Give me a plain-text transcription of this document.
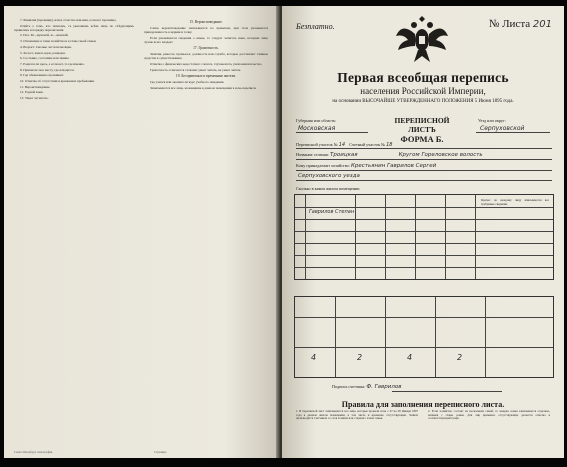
7. Фамилия (прозвище), или и отчество или имя, если нет прозвища.

Отвѣтъ о томъ, кто записанъ, съ указаніемъ всѣхъ лицъ по слѣдующимъ правиламъ и порядку перечисленія.

2. Пол. М—мужской, ж—женскій.

3. Отношение к главе хозяйства и к главе своей семьи.

4. Возраст. Сколько лет или месяцев.

5. Холост, женат, вдов, разведен.

6. Сословие, состояние или звание.

7. Родился ли здесь, а если нет, то где именно.

8. Приписан ли к месту, где находится.

9. Где обыкновенно проживает.

10. Отметка об отсутствии и временном пребывании.

11. Вероисповедание.

12. Родной язык.

13. Умеет ли читать.

15. Вероисповедание.

Самое вероисповедание записывается по правилам, при этом указывается принадлежность к церкви и толку.

Если указываются сведения о языке, то следует записать язык, которым лицо лучше всего владеет.

17. Грамотность.

Занятия, ремесла, промысел, должность или служба, которые доставляют главные средства к существованию.

Отметка о физических недостатках: слепота, глухонемота, умопомешательство.

Грамотность отмечается словами: умеет читать, не умеет читать.

19. Бесприютные и временные жители.

Где учился или окончил ли курс учебного заведения.

Записываются все лица, ночевавшие в данном помещении в ночь переписи.

Санкт-Петербург, типография.	Страница
Безплатно.	№ Листа 201
Первая всеобщая перепись
населения Российской Империи,
на основании ВЫСОЧАЙШЕ УТВЕРЖДЕННАГО ПОЛОЖЕНИЯ 5 Июня 1895 года.
Губерния или область:
Московская
ПЕРЕПИСНОЙ ЛИСТЪ
ФОРМА Б.
Уезд или округ:
Серпуховской
Переписной участок № 14 Счетный участок № 18
Название селения: Троицкая	Кругом Гореловское волость
Кому принадлежит хозяйство: Крестьянин Гаврилов Сергей
Серпуховского уезда
Сколько в каком жилом помещении
Гаврилов Степан
Кратко: по каждому лицу вписываются все требуемые сведения.
4	2	4	2
Подпись счетчика: Ф. Гаврилов
Правила для заполнения переписного листа.
1. В переписной лист записываются все лица, которые провели ночь с 27 на 28 Января 1897 года в данном жилом помещении, в том числе и временно отсутствующие. Записи производятся счетчиком со слов хозяина или старшего члена семьи.
2. Если хозяйство состоит из нескольких семей, то каждая семья записывается отдельно, начиная с главы семьи. Для лиц временно отсутствующих делается отметка в соответствующей графе.
